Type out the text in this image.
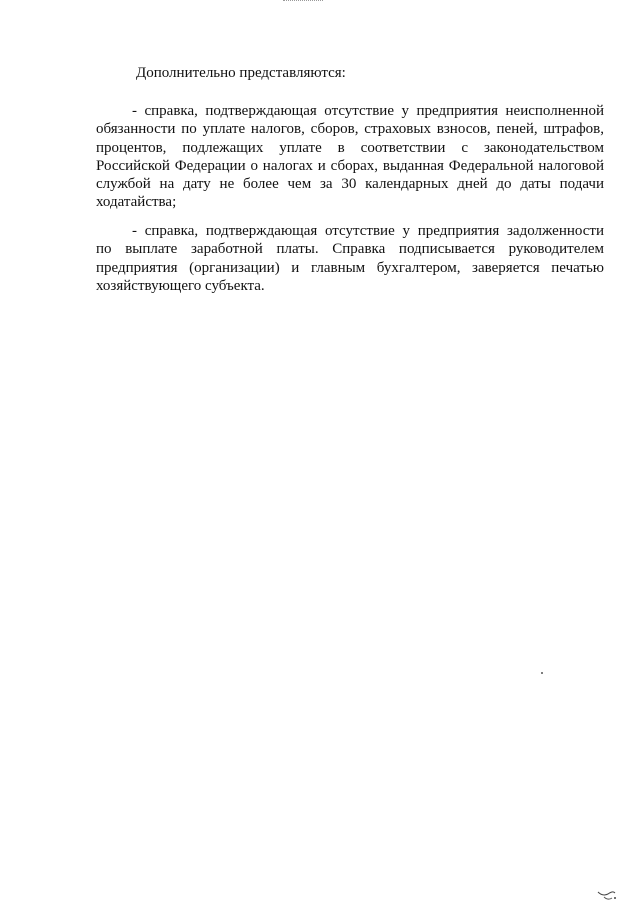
Дополнительно представляются:
- справка, подтверждающая отсутствие у предприятия неисполненной
обязанности по уплате налогов, сборов, страховых взносов, пеней, штрафов,
процентов, подлежащих уплате в соответствии с законодательством
Российской Федерации о налогах и сборах, выданная Федеральной налоговой
службой на дату не более чем за 30 календарных дней до даты подачи
ходатайства;
- справка, подтверждающая отсутствие у предприятия задолженности
по выплате заработной платы. Справка подписывается руководителем
предприятия (организации) и главным бухгалтером, заверяется печатью
хозяйствующего субъекта.
